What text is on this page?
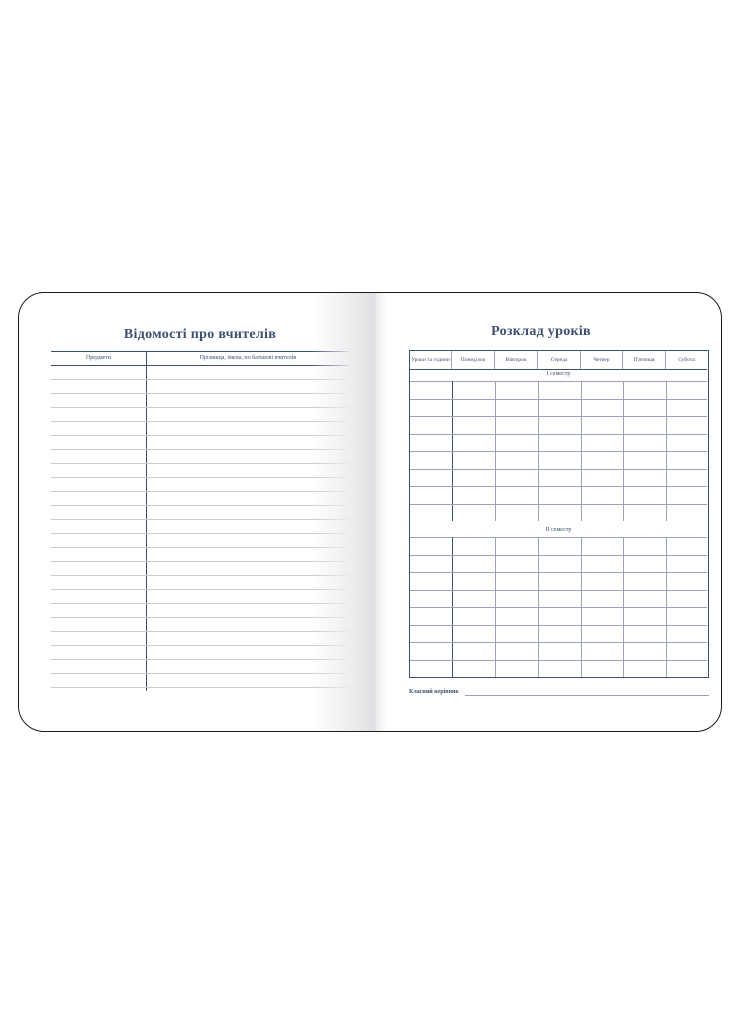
Відомості про вчителів
Предмети	Прізвища, імена, по батькові вчителів
Розклад уроків
Уроки та години	Понеділок	Вівторок	Середа	Четвер	П'ятниця	Субота
І семестр
ІІ семестр
Класний керівник
